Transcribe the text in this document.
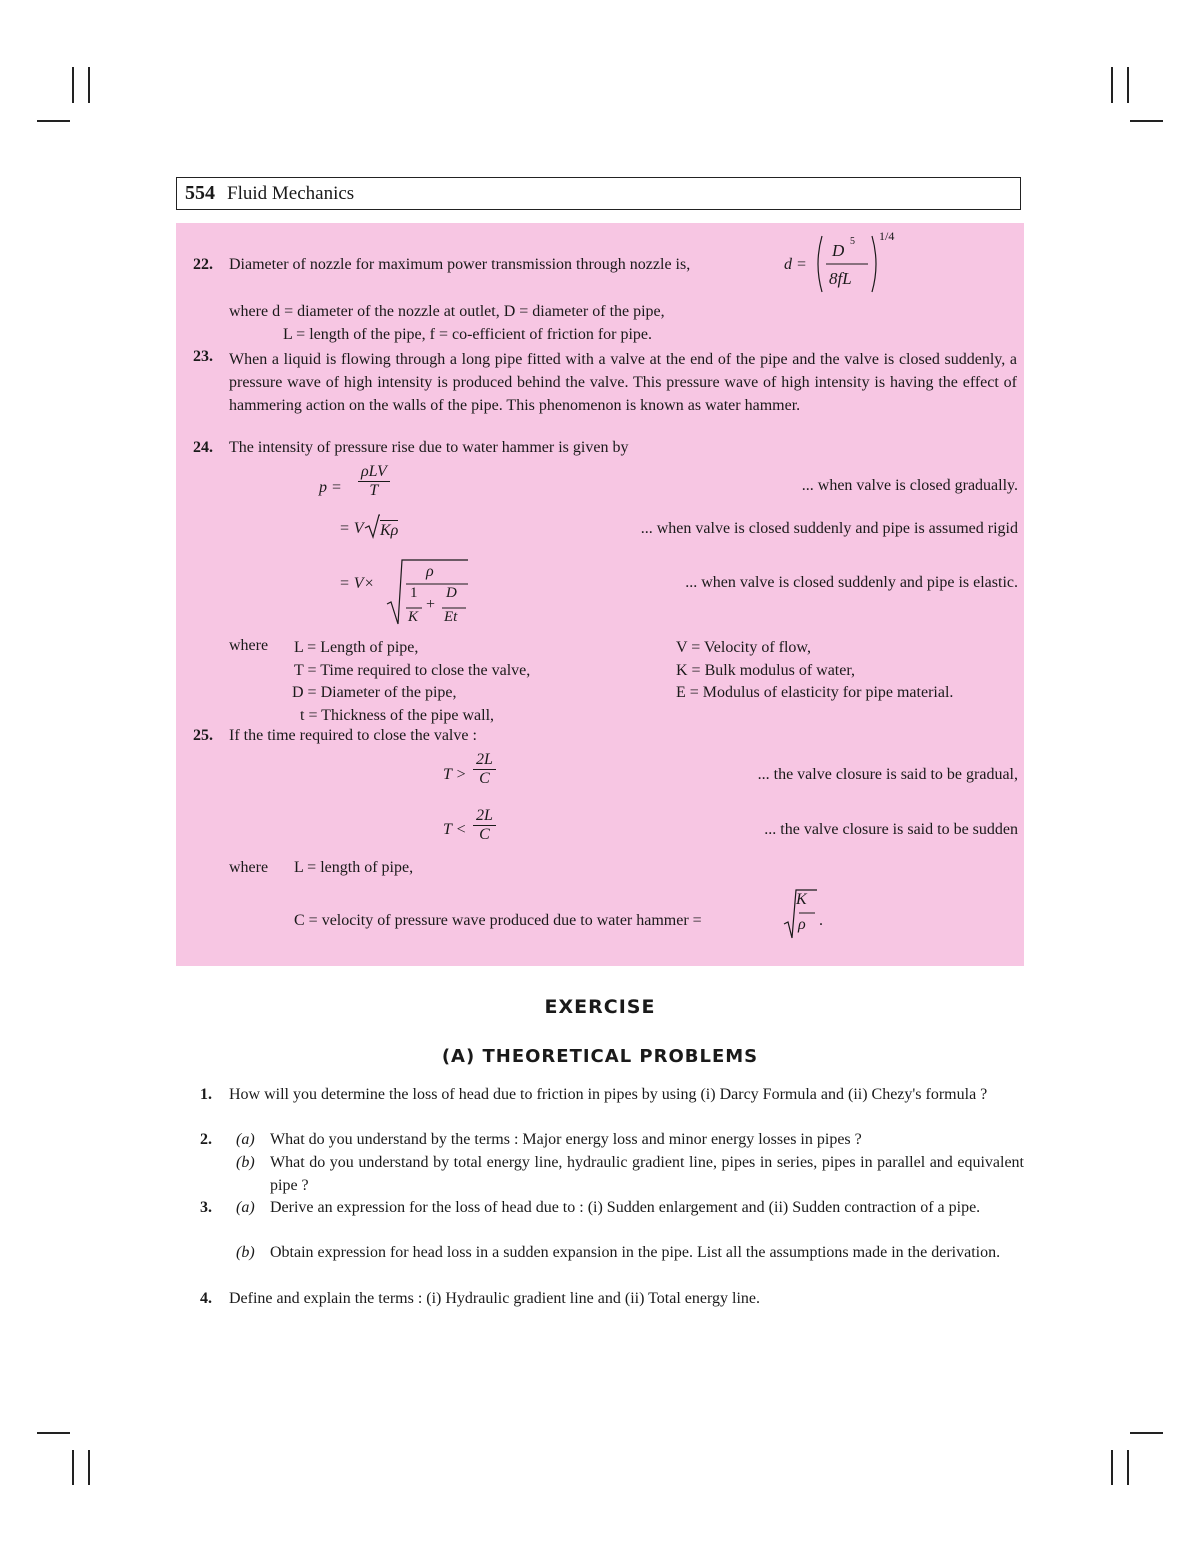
554 Fluid Mechanics
22. Diameter of nozzle for maximum power transmission through nozzle is,	d =
D 5
8fL
1/4
where d = diameter of the nozzle at outlet, D = diameter of the pipe,
L = length of the pipe, f = co-efficient of friction for pipe.
23. When a liquid is flowing through a long pipe fitted with a valve at the end of the pipe and the valve is closed suddenly, a pressure wave of high intensity is produced behind the valve. This pressure wave of high intensity is having the effect of hammering action on the walls of the pipe. This phenomenon is known as water hammer.
24. The intensity of pressure rise due to water hammer is given by
$p = \frac{\text{ρLV}}{T}$	... when valve is closed gradually.
= V Kρ	... when valve is closed suddenly and pipe is assumed rigid
= V×
ρ
1
K
+
D
Et
... when valve is closed suddenly and pipe is elastic.
where L = Length of pipe,
T = Time required to close the valve,
D = Diameter of the pipe,
t = Thickness of the pipe wall,
V = Velocity of flow,
K = Bulk modulus of water,
E = Modulus of elasticity for pipe material.
25. If the time required to close the valve :
$T > \frac{2L}{C}$	... the valve closure is said to be gradual,
$T < \frac{2L}{C}$	... the valve closure is said to be sudden
where L = length of pipe,
C = velocity of pressure wave produced due to water hammer =
K
ρ .
EXERCISE
(A) THEORETICAL PROBLEMS
1. How will you determine the loss of head due to friction in pipes by using (i) Darcy Formula and (ii) Chezy's formula ?
2. (a) What do you understand by the terms : Major energy loss and minor energy losses in pipes ?
(b) What do you understand by total energy line, hydraulic gradient line, pipes in series, pipes in parallel and equivalent pipe ?
3. (a) Derive an expression for the loss of head due to : (i) Sudden enlargement and (ii) Sudden contraction of a pipe.
(b) Obtain expression for head loss in a sudden expansion in the pipe. List all the assumptions made in the derivation.
4. Define and explain the terms : (i) Hydraulic gradient line and (ii) Total energy line.
